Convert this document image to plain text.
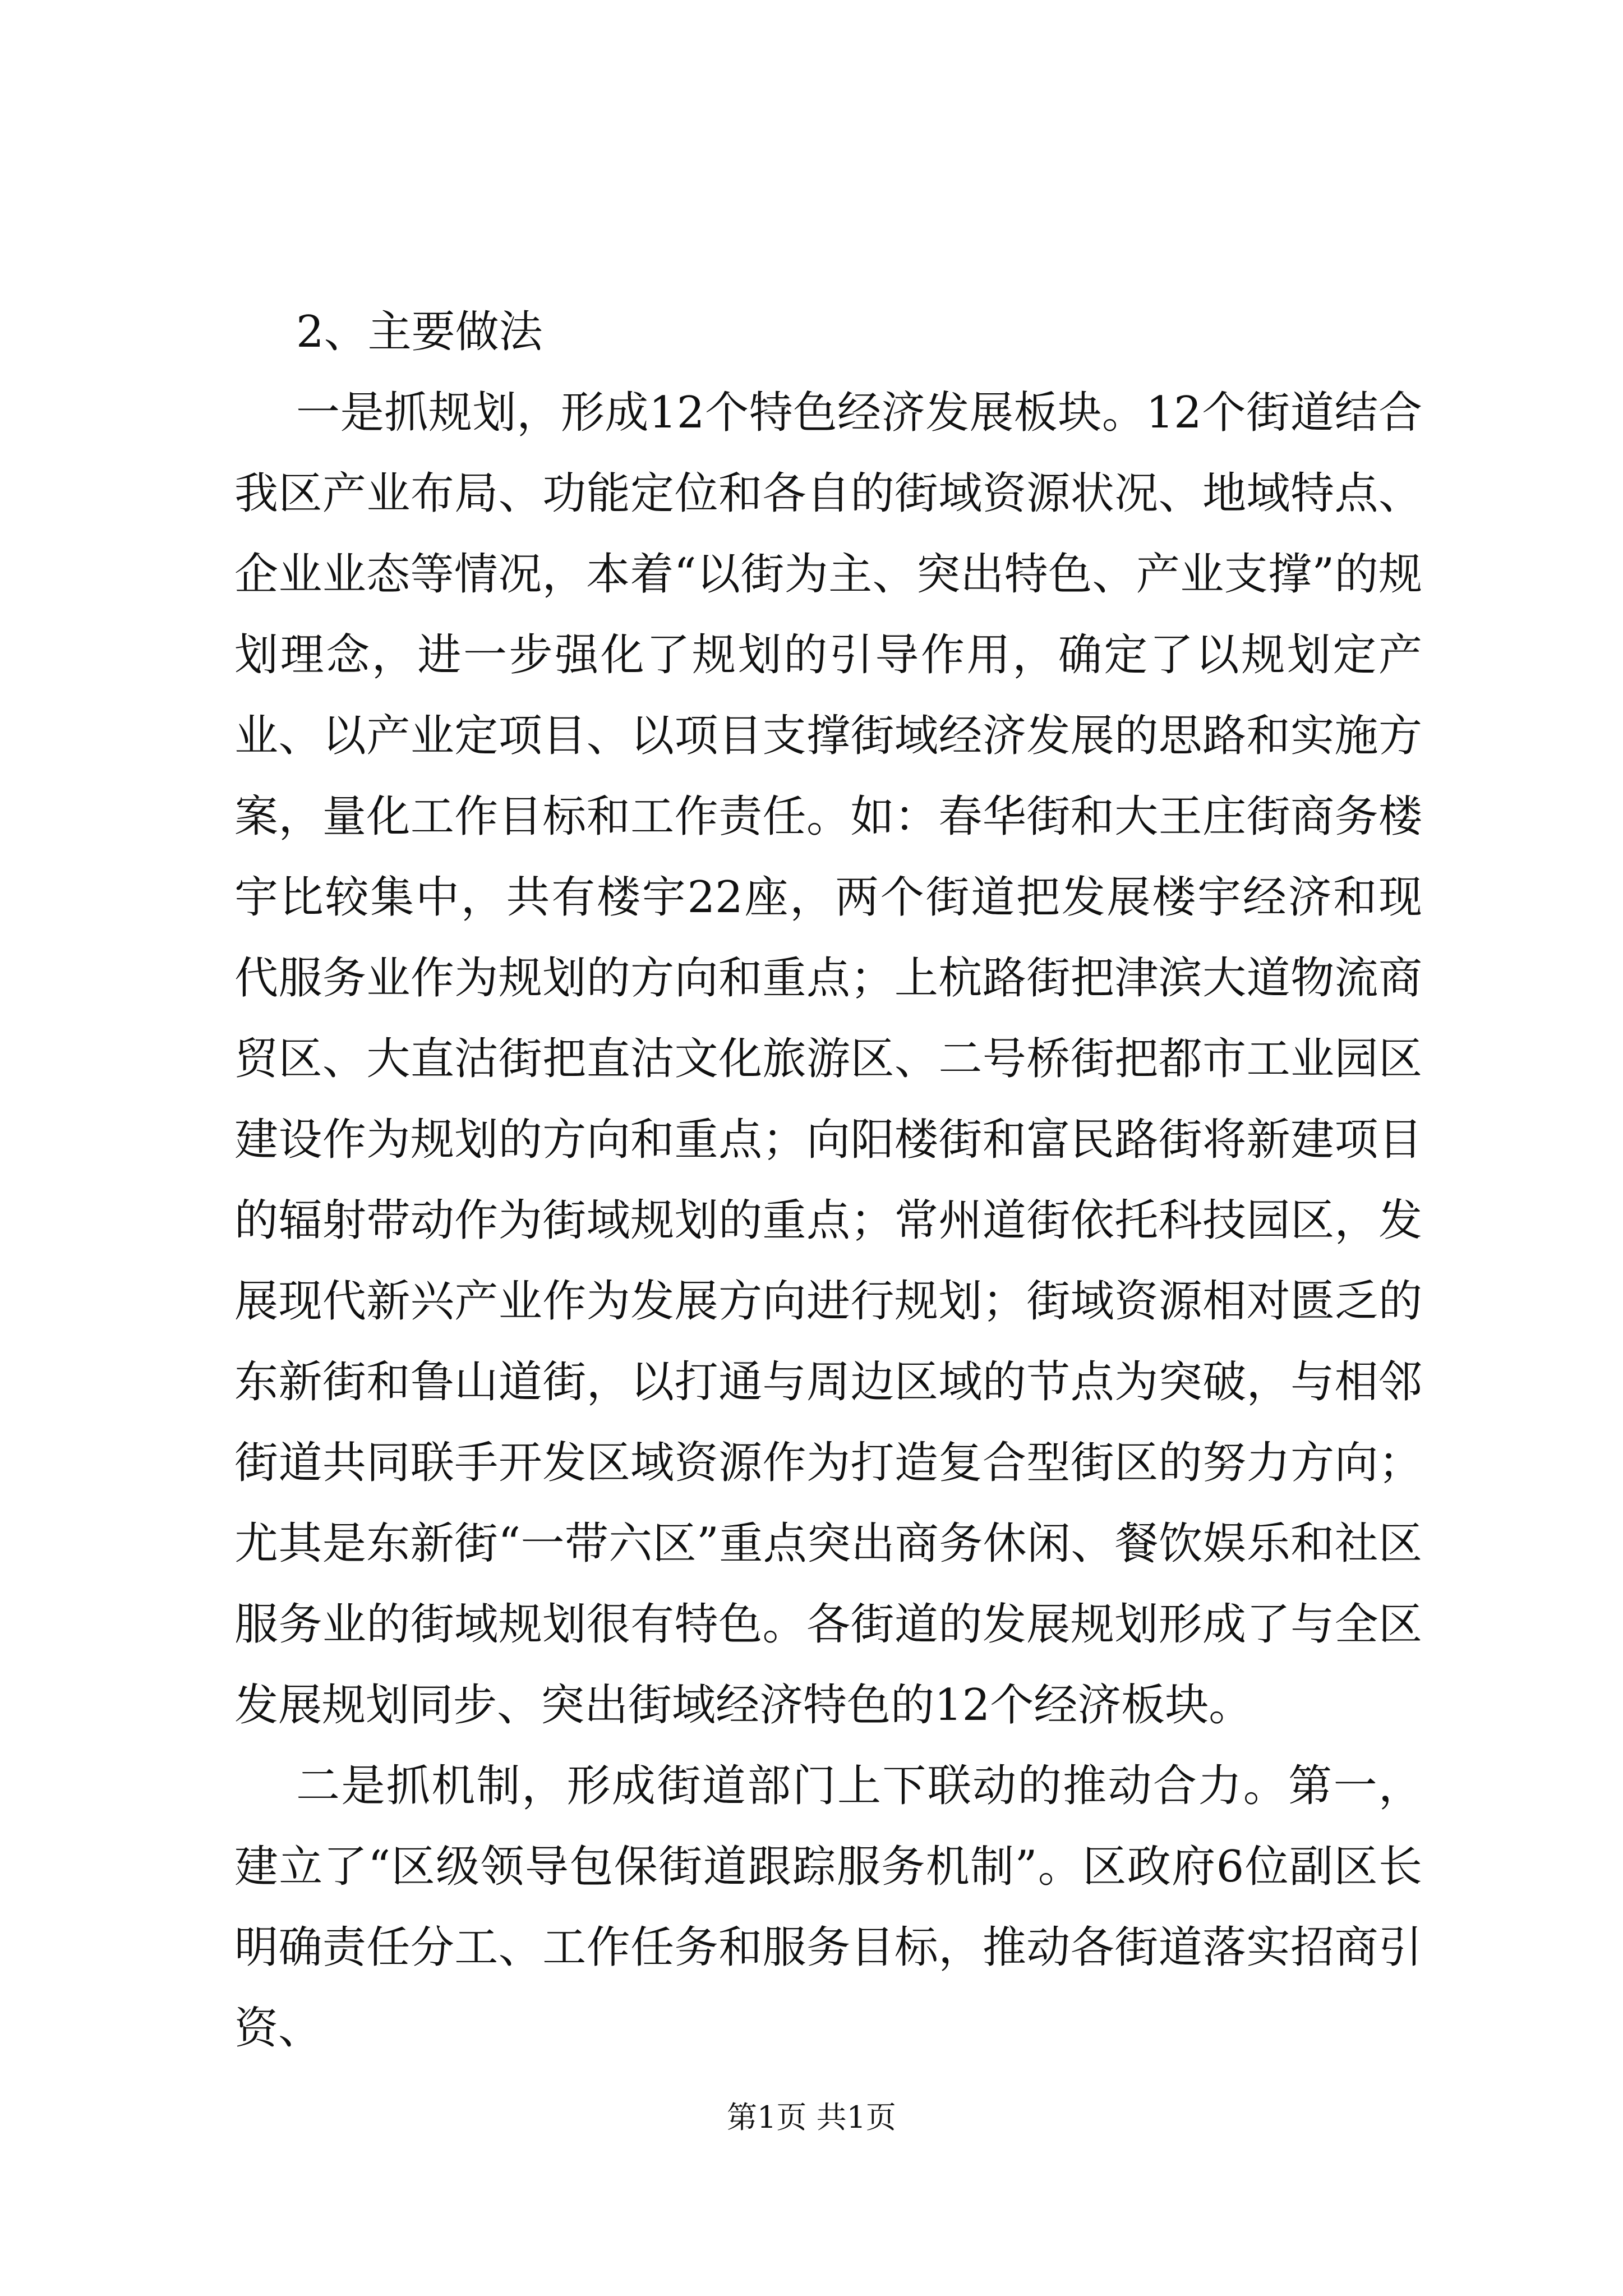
2、主要做法

一是抓规划，形成12个特色经济发展板块。12个街道结合我区产业布局、功能定位和各自的街域资源状况、地域特点、企业业态等情况，本着“以街为主、突出特色、产业支撑”的规划理念，进一步强化了规划的引导作用，确定了以规划定产业、以产业定项目、以项目支撑街域经济发展的思路和实施方案，量化工作目标和工作责任。如：春华街和大王庄街商务楼宇比较集中，共有楼宇22座，两个街道把发展楼宇经济和现代服务业作为规划的方向和重点；上杭路街把津滨大道物流商贸区、大直沽街把直沽文化旅游区、二号桥街把都市工业园区建设作为规划的方向和重点；向阳楼街和富民路街将新建项目的辐射带动作为街域规划的重点；常州道街依托科技园区，发展现代新兴产业作为发展方向进行规划；街域资源相对匮乏的东新街和鲁山道街，以打通与周边区域的节点为突破，与相邻街道共同联手开发区域资源作为打造复合型街区的努力方向；尤其是东新街“一带六区”重点突出商务休闲、餐饮娱乐和社区服务业的街域规划很有特色。各街道的发展规划形成了与全区发展规划同步、突出街域经济特色的12个经济板块。

二是抓机制，形成街道部门上下联动的推动合力。第一，建立了“区级领导包保街道跟踪服务机制”。区政府6位副区长明确责任分工、工作任务和服务目标，推动各街道落实招商引资、

第1页 共1页
